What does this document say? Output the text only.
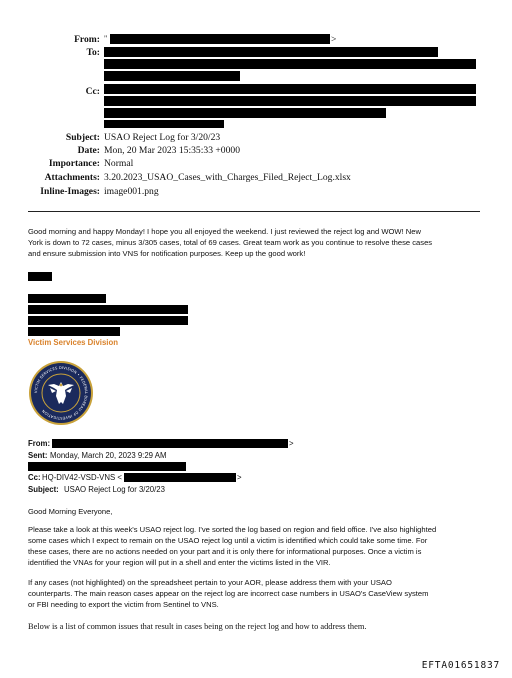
From: "	>
To:
Cc:
Subject: USAO Reject Log for 3/20/23
Date: Mon, 20 Mar 2023 15:35:33 +0000
Importance: Normal
Attachments: 3.20.2023_USAO_Cases_with_Charges_Filed_Reject_Log.xlsx
Inline-Images: image001.png
Good morning and happy Monday! I hope you all enjoyed the weekend. I just reviewed the reject log and WOW! New
York is down to 72 cases, minus 3/305 cases, total of 69 cases. Great team work as you continue to resolve these cases
and ensure submission into VNS for notification purposes. Keep up the good work!
Victim Services Division
VICTIM SERVICES DIVISION • FEDERAL BUREAU OF INVESTIGATION
From:	>
Sent: Monday, March 20, 2023 9:29 AM
Cc: HQ-DIV42-VSD-VNS <	>
Subject: USAO Reject Log for 3/20/23
Good Morning Everyone,
Please take a look at this week's USAO reject log. I've sorted the log based on region and field office. I've also highlighted
some cases which I expect to remain on the USAO reject log until a victim is identified which could take some time. For
these cases, there are no actions needed on your part and it is only there for informational purposes. Once a victim is
identified the VNAs for your region will put in a shell and enter the victims listed in the VIR.
If any cases (not highlighted) on the spreadsheet pertain to your AOR, please address them with your USAO
counterparts. The main reason cases appear on the reject log are incorrect case numbers in USAO's CaseView system
or FBI needing to export the victim from Sentinel to VNS.
Below is a list of common issues that result in cases being on the reject log and how to address them.
EFTA01651837
